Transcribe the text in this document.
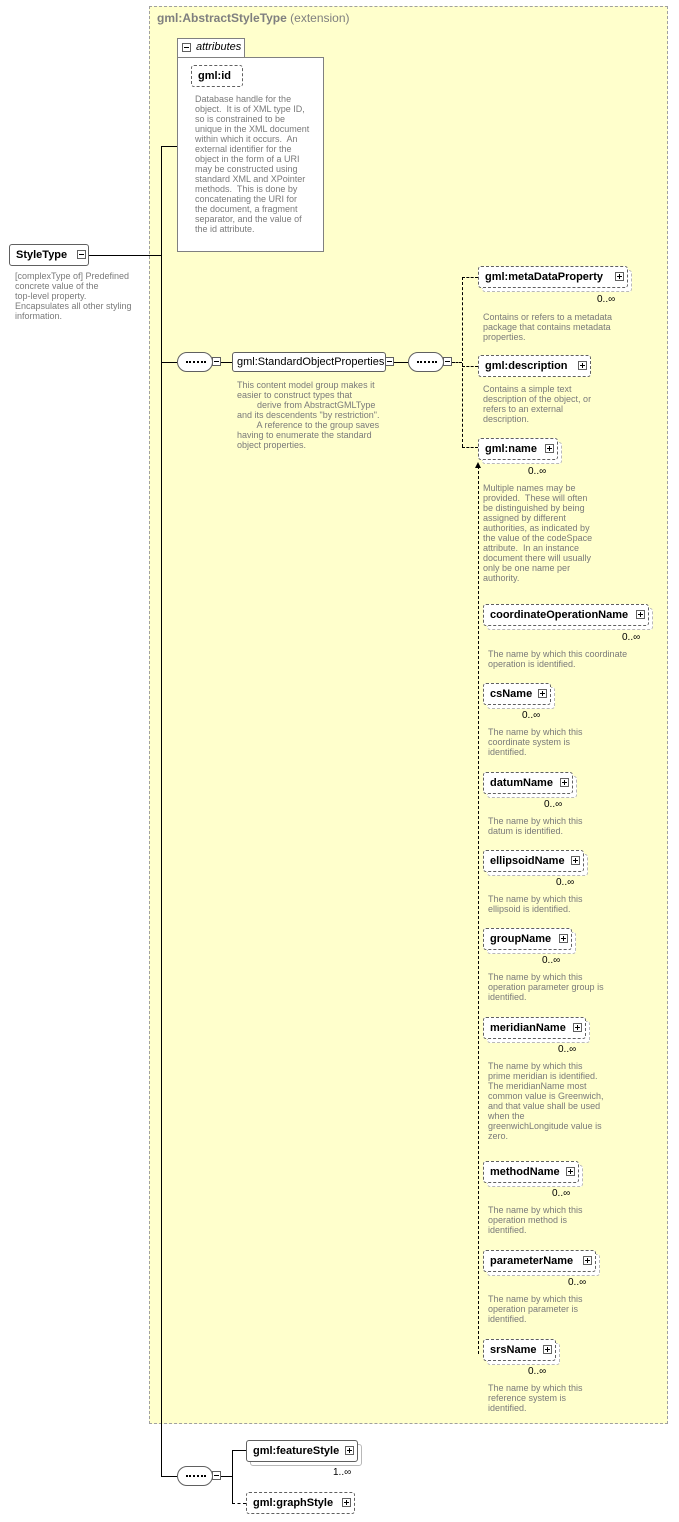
gml:AbstractStyleType (extension)
attributes
gml:id
Database handle for the
object.  It is of XML type ID,
so is constrained to be
unique in the XML document
within which it occurs.  An
external identifier for the
object in the form of a URI
may be constructed using
standard XML and XPointer
methods.  This is done by
concatenating the URI for
the document, a fragment
separator, and the value of
the id attribute.
StyleType
[complexType of] Predefined
concrete value of the
top-level property.
Encapsulates all other styling
information.
gml:StandardObjectProperties
This content model group makes it
easier to construct types that
derive from AbstractGMLType
and its descendents "by restriction".
A reference to the group saves
having to enumerate the standard
object properties.
gml:metaDataProperty
0..∞
Contains or refers to a metadata
package that contains metadata
properties.
gml:description
Contains a simple text
description of the object, or
refers to an external
description.
gml:name
0..∞
Multiple names may be
provided.  These will often
be distinguished by being
assigned by different
authorities, as indicated by
the value of the codeSpace
attribute.  In an instance
document there will usually
only be one name per
authority.
coordinateOperationName
0..∞
The name by which this coordinate
operation is identified.
csName
0..∞
The name by which this
coordinate system is
identified.
datumName
0..∞
The name by which this
datum is identified.
ellipsoidName
0..∞
The name by which this
ellipsoid is identified.
groupName
0..∞
The name by which this
operation parameter group is
identified.
meridianName
0..∞
The name by which this
prime meridian is identified.
The meridianName most
common value is Greenwich,
and that value shall be used
when the
greenwichLongitude value is
zero.
methodName
0..∞
The name by which this
operation method is
identified.
parameterName
0..∞
The name by which this
operation parameter is
identified.
srsName
0..∞
The name by which this
reference system is
identified.
gml:featureStyle
1..∞
gml:graphStyle
